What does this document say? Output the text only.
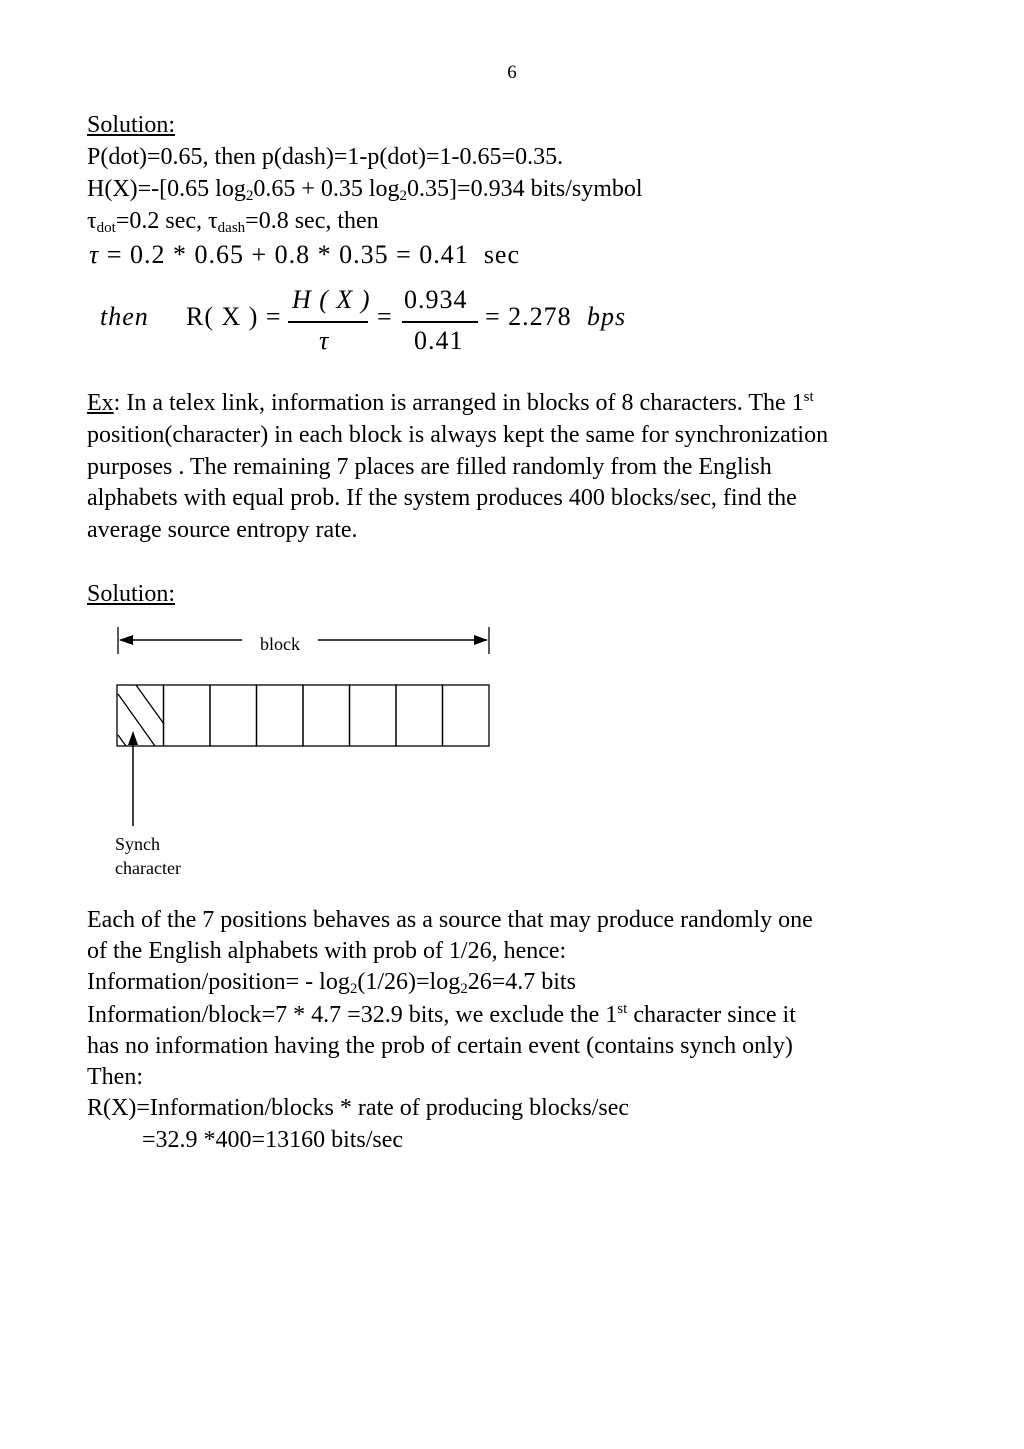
6
Solution:
P(dot)=0.65, then p(dash)=1-p(dot)=1-0.65=0.35.
H(X)=-[0.65 $\log_20.65 + 0.35$ $\log_20.35]=0.934$ bits/symbol
$\tau_{dot}=0.2$ sec, $\tau_{dash}=0.8$ sec, then
τ = 0.2 * 0.65 + 0.8 * 0.35 = 0.41 sec
then R( X ) =
H ( X )
τ
=
0.934
0.41
= 2.278 bps
Ex: In a telex link, information is arranged in blocks of 8 characters. The 1st
position(character) in each block is always kept the same for synchronization
purposes . The remaining 7 places are filled randomly from the English
alphabets with equal prob. If the system produces 400 blocks/sec, find the
average source entropy rate.
Solution:
block
Synch
character
Each of the 7 positions behaves as a source that may produce randomly one
of the English alphabets with prob of 1/26, hence:
Information/position= - $\log_2(1/26)=\log_226=4.7$ bits
Information/block=7 * 4.7 =32.9 bits, we exclude the 1st character since it
has no information having the prob of certain event (contains synch only)
Then:
R(X)=Information/blocks * rate of producing blocks/sec
=32.9 *400=13160 bits/sec
